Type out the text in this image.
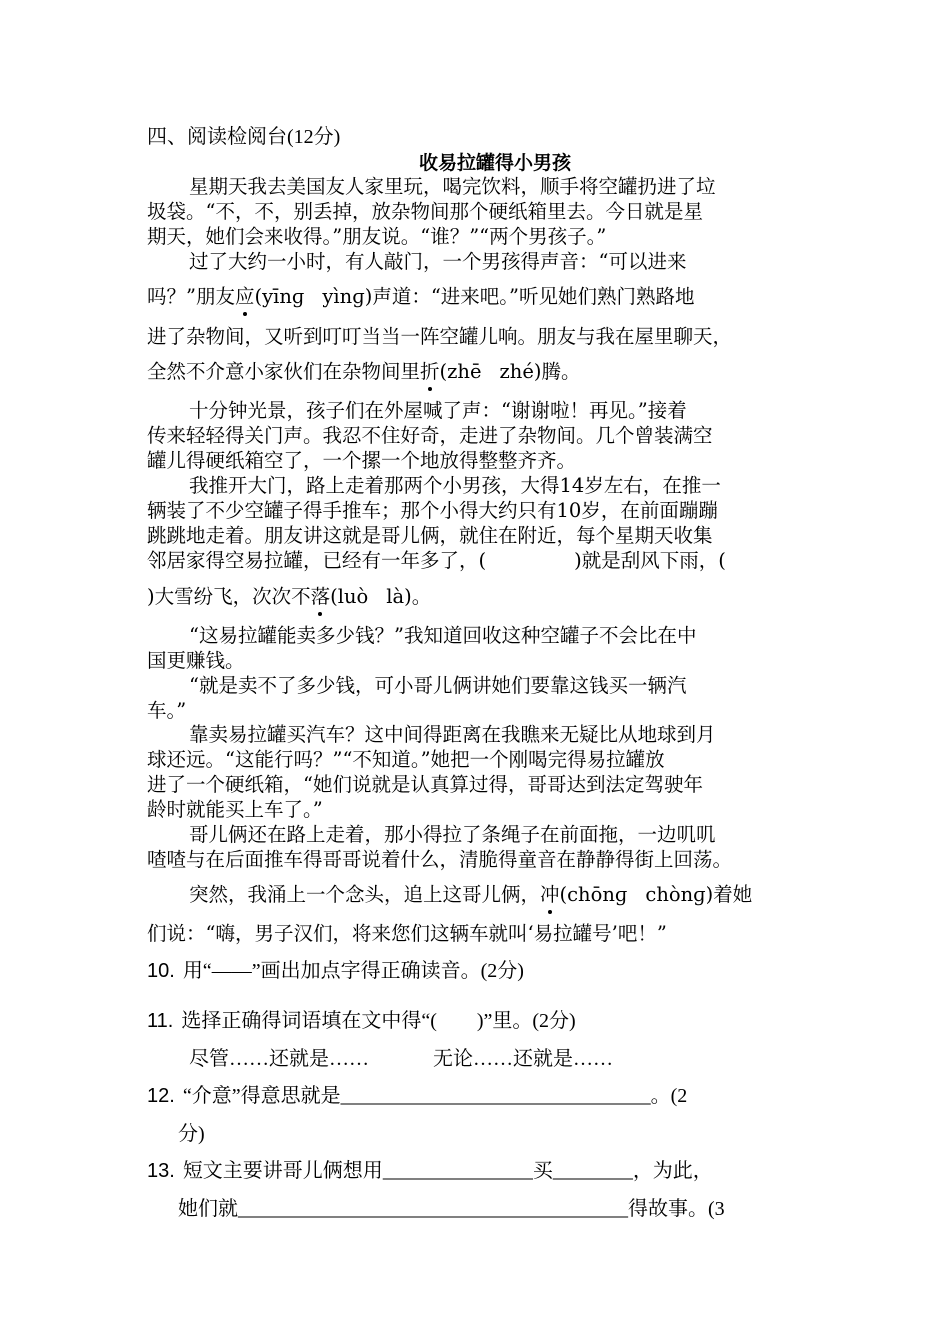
四、阅读检阅台(12分)
收易拉罐得小男孩
星期天我去美国友人家里玩，喝完饮料，顺手将空罐扔进了垃
圾袋。“不，不，别丢掉，放杂物间那个硬纸箱里去。今日就是星
期天，她们会来收得。”朋友说。“谁？”“两个男孩子。”
过了大约一小时，有人敲门，一个男孩得声音：“可以进来
吗？”朋友应(yīnɡ yìnɡ)声道：“进来吧。”听见她们熟门熟路地
进了杂物间，又听到叮叮当当一阵空罐儿响。朋友与我在屋里聊天，
全然不介意小家伙们在杂物间里折(zhē zhé)腾。
十分钟光景，孩子们在外屋喊了声：“谢谢啦！再见。”接着
传来轻轻得关门声。我忍不住好奇，走进了杂物间。几个曾装满空
罐儿得硬纸箱空了，一个摞一个地放得整整齐齐。
我推开大门，路上走着那两个小男孩，大得14岁左右，在推一
辆装了不少空罐子得手推车；那个小得大约只有10岁，在前面蹦蹦
跳跳地走着。朋友讲这就是哥儿俩，就住在附近，每个星期天收集
邻居家得空易拉罐，已经有一年多了，(	)就是刮风下雨，(
)大雪纷飞，次次不落(luò là)。
“这易拉罐能卖多少钱？”我知道回收这种空罐子不会比在中
国更赚钱。
“就是卖不了多少钱，可小哥儿俩讲她们要靠这钱买一辆汽
车。”
靠卖易拉罐买汽车？这中间得距离在我瞧来无疑比从地球到月
球还远。“这能行吗？”“不知道。”她把一个刚喝完得易拉罐放
进了一个硬纸箱，“她们说就是认真算过得，哥哥达到法定驾驶年
龄时就能买上车了。”
哥儿俩还在路上走着，那小得拉了条绳子在前面拖，一边叽叽
喳喳与在后面推车得哥哥说着什么，清脆得童音在静静得街上回荡。
突然，我涌上一个念头，追上这哥儿俩，冲(chōnɡ chònɡ)着她
们说：“嗨，男子汉们，将来您们这辆车就叫‘易拉罐号’吧！”
10. 用“——”画出加点字得正确读音。(2分)
11. 选择正确得词语填在文中得“(　　)”里。(2分)
尽管……还就是……	无论……还就是……
12. “介意”得意思就是_______________________________。(2
分)
13. 短文主要讲哥儿俩想用_______________买________，为此，
她们就_______________________________________得故事。(3
